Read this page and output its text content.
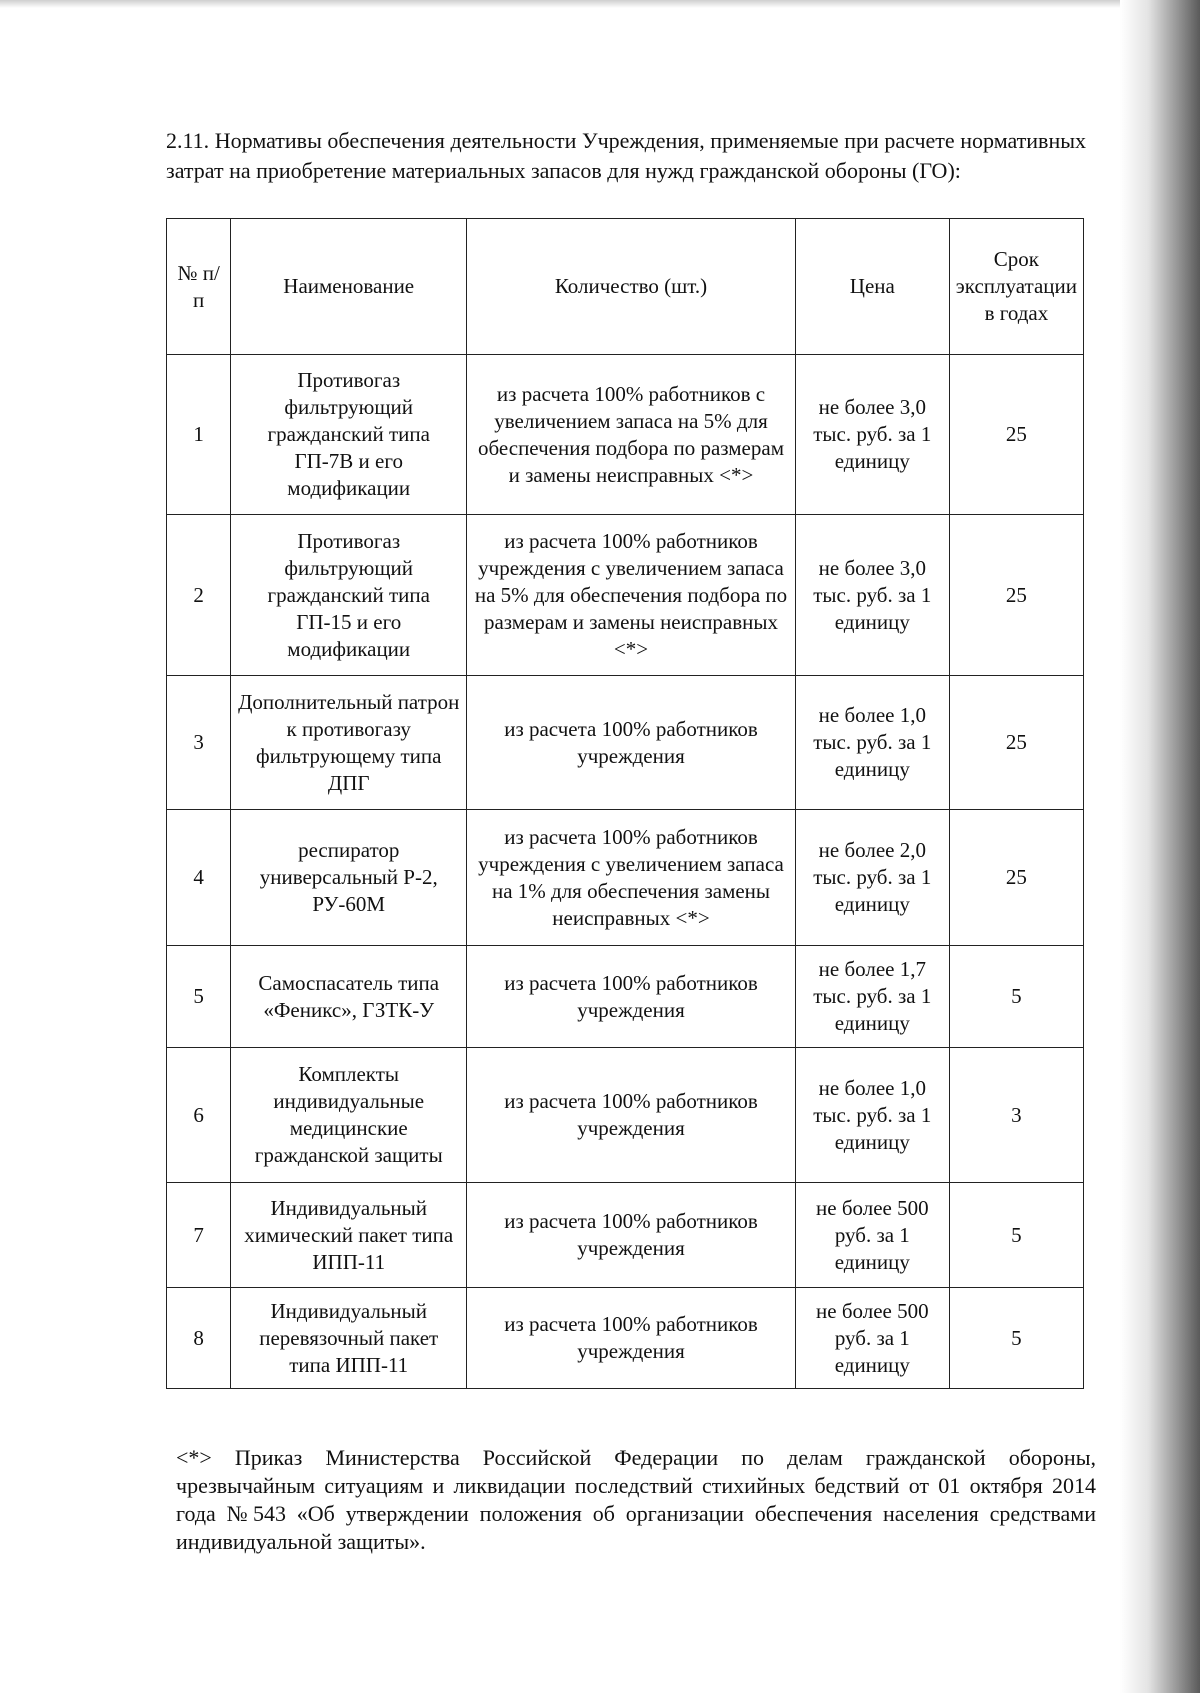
2.11. Нормативы обеспечения деятельности Учреждения, применяемые при расчете нормативных затрат на приобретение материальных запасов для нужд гражданской обороны (ГО):

№ п/п	Наименование	Количество (шт.)	Цена	Срок эксплуатации в годах
1	Противогаз фильтрующий гражданский типа ГП-7В и его модификации	из расчета 100% работников с увеличением запаса на 5% для обеспечения подбора по размерам и замены неисправных <*>	не более 3,0 тыс. руб. за 1 единицу	25
2	Противогаз фильтрующий гражданский типа ГП-15 и его модификации	из расчета 100% работников учреждения с увеличением запаса на 5% для обеспечения подбора по размерам и замены неисправных <*>	не более 3,0 тыс. руб. за 1 единицу	25
3	Дополнительный патрон к противогазу фильтрующему типа ДПГ	из расчета 100% работников учреждения	не более 1,0 тыс. руб. за 1 единицу	25
4	респиратор универсальный Р-2, РУ-60М	из расчета 100% работников учреждения с увеличением запаса на 1% для обеспечения замены неисправных <*>	не более 2,0 тыс. руб. за 1 единицу	25
5	Самоспасатель типа «Феникс», ГЗТК-У	из расчета 100% работников учреждения	не более 1,7 тыс. руб. за 1 единицу	5
6	Комплекты индивидуальные медицинские гражданской защиты	из расчета 100% работников учреждения	не более 1,0 тыс. руб. за 1 единицу	3
7	Индивидуальный химический пакет типа ИПП-11	из расчета 100% работников учреждения	не более 500 руб. за 1 единицу	5
8	Индивидуальный перевязочный пакет типа ИПП-11	из расчета 100% работников учреждения	не более 500 руб. за 1 единицу	5

<*> Приказ Министерства Российской Федерации по делам гражданской обороны, чрезвычайным ситуациям и ликвидации последствий стихийных бедствий от 01 октября 2014 года №543 «Об утверждении положения об организации обеспечения населения средствами индивидуальной защиты».
